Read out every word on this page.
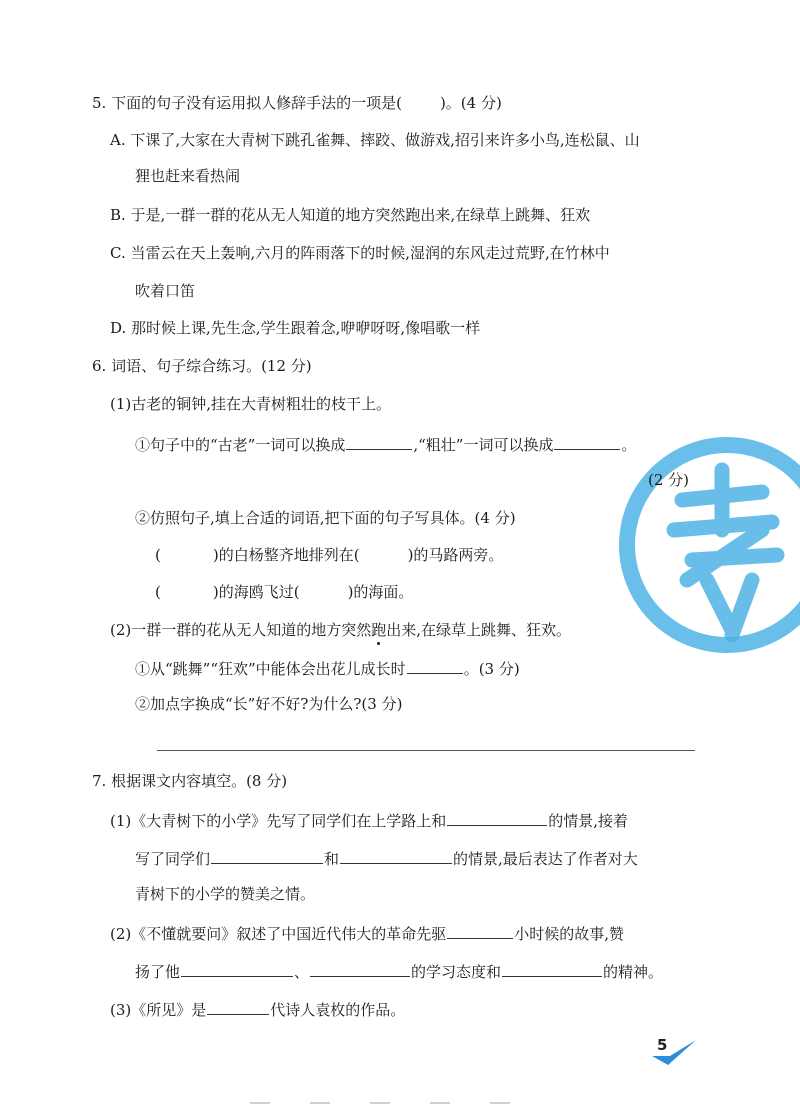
5. 下面的句子没有运用拟人修辞手法的一项是(	)。(4 分)
A. 下课了,大家在大青树下跳孔雀舞、摔跤、做游戏,招引来许多小鸟,连松鼠、山
狸也赶来看热闹
B. 于是,一群一群的花从无人知道的地方突然跑出来,在绿草上跳舞、狂欢
C. 当雷云在天上轰响,六月的阵雨落下的时候,湿润的东风走过荒野,在竹林中
吹着口笛
D. 那时候上课,先生念,学生跟着念,咿咿呀呀,像唱歌一样
6. 词语、句子综合练习。(12 分)
(1)古老的铜钟,挂在大青树粗壮的枝干上。
①句子中的“古老”一词可以换成	,“粗壮”一词可以换成	。
(2 分)
②仿照句子,填上合适的词语,把下面的句子写具体。(4 分)
(	)的白杨整齐地排列在(	)的马路两旁。
(	)的海鸥飞过(	)的海面。
(2)一群一群的花从无人知道的地方突然跑出来,在绿草上跳舞、狂欢。
①从“跳舞”“狂欢”中能体会出花儿成长时	。(3 分)
②加点字换成“长”好不好?为什么?(3 分)
7. 根据课文内容填空。(8 分)
(1)《大青树下的小学》先写了同学们在上学路上和	的情景,接着
写了同学们	和	的情景,最后表达了作者对大
青树下的小学的赞美之情。
(2)《不懂就要问》叙述了中国近代伟大的革命先驱	小时候的故事,赞
扬了他	、	的学习态度和	的精神。
(3)《所见》是	代诗人袁枚的作品。
5
